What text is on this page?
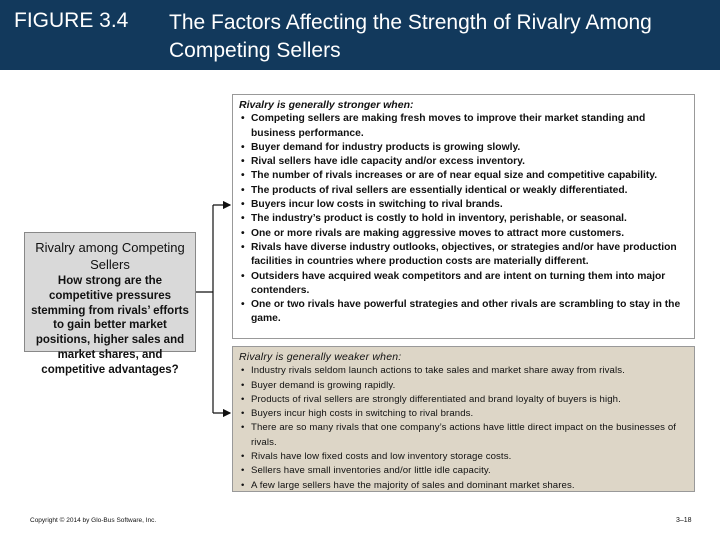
FIGURE 3.4 The Factors Affecting the Strength of Rivalry Among Competing Sellers
Rivalry among Competing Sellers
How strong are the competitive pressures stemming from rivals’ efforts to gain better market positions, higher sales and market shares, and competitive advantages?
Rivalry is generally stronger when:
• Competing sellers are making fresh moves to improve their market standing and business performance.
• Buyer demand for industry products is growing slowly.
• Rival sellers have idle capacity and/or excess inventory.
• The number of rivals increases or are of near equal size and competitive capability.
• The products of rival sellers are essentially identical or weakly differentiated.
• Buyers incur low costs in switching to rival brands.
• The industry’s product is costly to hold in inventory, perishable, or seasonal.
• One or more rivals are making aggressive moves to attract more customers.
• Rivals have diverse industry outlooks, objectives, or strategies and/or have production facilities in countries where production costs are materially different.
• Outsiders have acquired weak competitors and are intent on turning them into major contenders.
• One or two rivals have powerful strategies and other rivals are scrambling to stay in the game.
Rivalry is generally weaker when:
• Industry rivals seldom launch actions to take sales and market share away from rivals.
• Buyer demand is growing rapidly.
• Products of rival sellers are strongly differentiated and brand loyalty of buyers is high.
• Buyers incur high costs in switching to rival brands.
• There are so many rivals that one company’s actions have little direct impact on the businesses of rivals.
• Rivals have low fixed costs and low inventory storage costs.
• Sellers have small inventories and/or little idle capacity.
• A few large sellers have the majority of sales and dominant market shares.
Copyright © 2014 by Glo-Bus Software, Inc.	3–18
